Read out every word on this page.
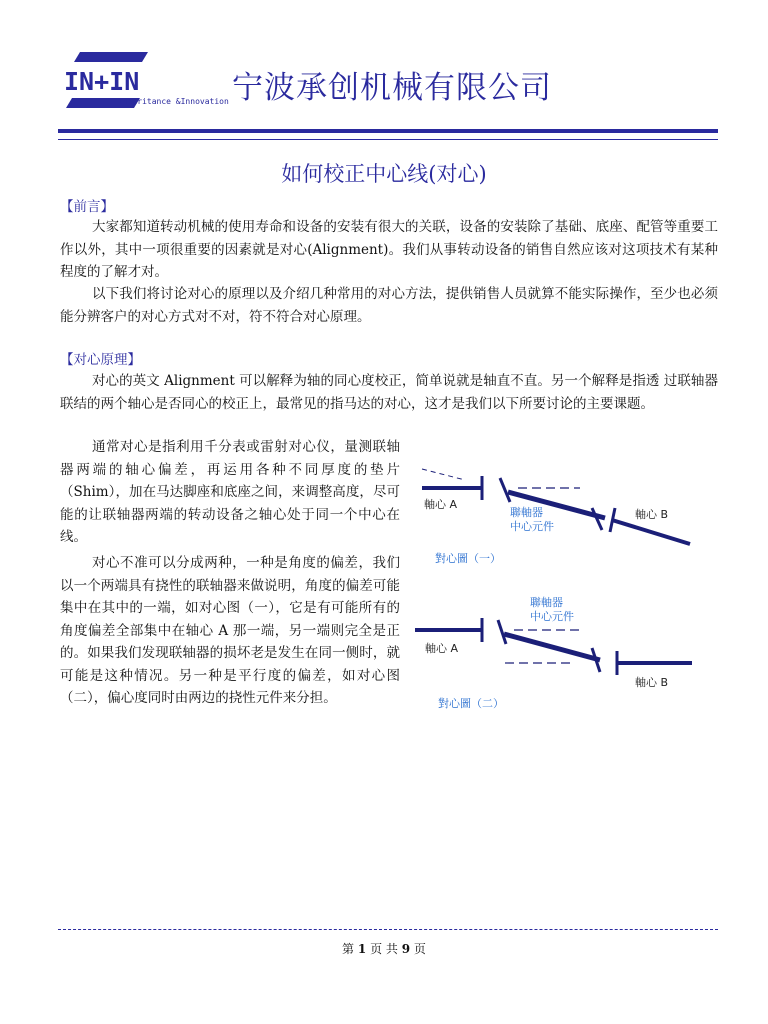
IN+IN
Inheritance &Innovation 宁波承创机械有限公司
如何校正中心线(对心)
【前言】

大家都知道转动机械的使用寿命和设备的安装有很大的关联，设备的安装除了基础、底座、配管等重要工作以外，其中一项很重要的因素就是对心(Alignment)。我们从事转动设备的销售自然应该对这项技术有某种程度的了解才对。

以下我们将讨论对心的原理以及介绍几种常用的对心方法，提供销售人员就算不能实际操作，至少也必须能分辨客户的对心方式对不对，符不符合对心原理。

【对心原理】

对心的英文 Alignment 可以解释为轴的同心度校正，简单说就是轴直不直。另一个解释是指透 过联轴器联结的两个轴心是否同心的校正上，最常见的指马达的对心，这才是我们以下所要讨论的主要课题。

通常对心是指利用千分表或雷射对心仪，量测联轴器两端的轴心偏差，再运用各种不同厚度的垫片（Shim），加在马达脚座和底座之间，来调整高度，尽可能的让联轴器两端的转动设备之轴心处于同一个中心在线。

对心不准可以分成两种，一种是角度的偏差，我们以一个两端具有挠性的联轴器来做说明，角度的偏差可能集中在其中的一端，如对心图（一），它是有可能所有的角度偏差全部集中在轴心 A 那一端，另一端则完全是正的。如果我们发现联轴器的损坏老是发生在同一侧时，就可能是这种情况。另一种是平行度的偏差，如对心图（二），偏心度同时由两边的挠性元件来分担。

軸心 A
聯軸器
中心元件
軸心 B
對心圖（一）
聯軸器
中心元件
軸心 A
軸心 B
對心圖（二）
第 1 页 共 9 页
